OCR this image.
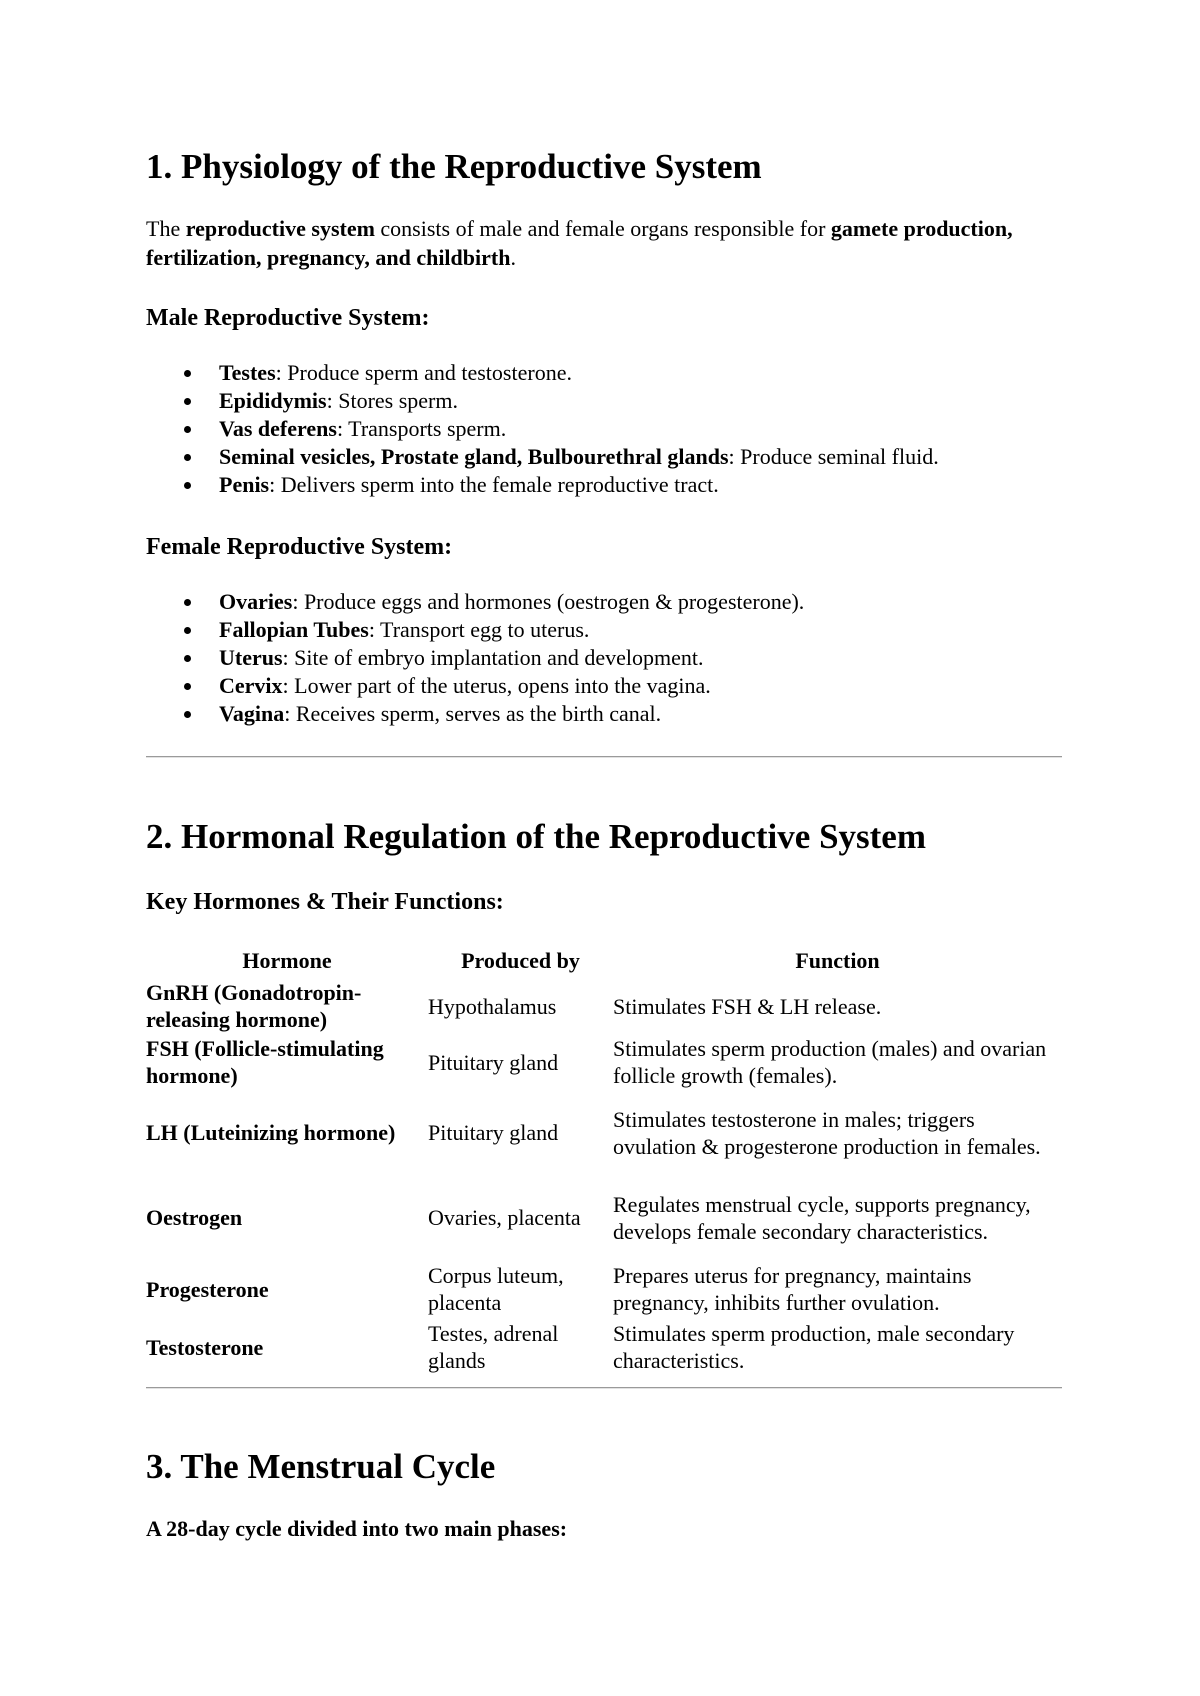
1. Physiology of the Reproductive System

The reproductive system consists of male and female organs responsible for gamete production, fertilization, pregnancy, and childbirth.

Male Reproductive System:
Testes: Produce sperm and testosterone.
Epididymis: Stores sperm.
Vas deferens: Transports sperm.
Seminal vesicles, Prostate gland, Bulbourethral glands: Produce seminal fluid.
Penis: Delivers sperm into the female reproductive tract.
Female Reproductive System:
Ovaries: Produce eggs and hormones (oestrogen & progesterone).
Fallopian Tubes: Transport egg to uterus.
Uterus: Site of embryo implantation and development.
Cervix: Lower part of the uterus, opens into the vagina.
Vagina: Receives sperm, serves as the birth canal.
2. Hormonal Regulation of the Reproductive System
Key Hormones & Their Functions:
Hormone	Produced by	Function
GnRH (Gonadotropin-releasing hormone)	Hypothalamus	Stimulates FSH & LH release.
FSH (Follicle-stimulating hormone)	Pituitary gland	Stimulates sperm production (males) and ovarian follicle growth (females).
LH (Luteinizing hormone)	Pituitary gland	Stimulates testosterone in males; triggers ovulation & progesterone production in females.
Oestrogen	Ovaries, placenta	Regulates menstrual cycle, supports pregnancy, develops female secondary characteristics.
Progesterone	Corpus luteum, placenta	Prepares uterus for pregnancy, maintains pregnancy, inhibits further ovulation.
Testosterone	Testes, adrenal glands	Stimulates sperm production, male secondary characteristics.
3. The Menstrual Cycle

A 28-day cycle divided into two main phases:
